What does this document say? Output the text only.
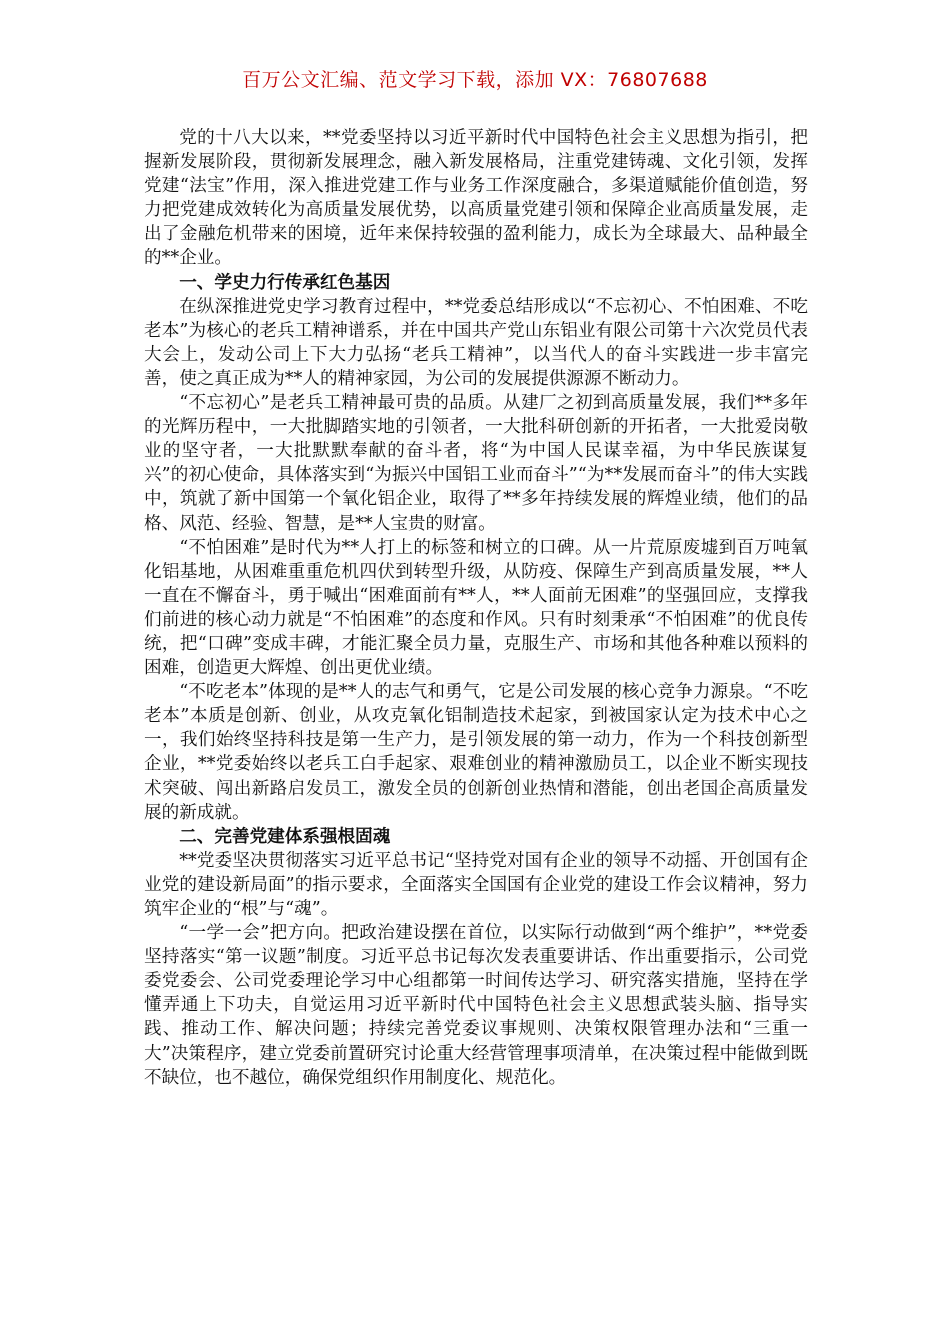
百万公文汇编、范文学习下载，添加 VX：76807688

党的十八大以来，**党委坚持以习近平新时代中国特色社会主义思想为指引，把握新发展阶段，贯彻新发展理念，融入新发展格局，注重党建铸魂、文化引领，发挥党建“法宝”作用，深入推进党建工作与业务工作深度融合，多渠道赋能价值创造，努力把党建成效转化为高质量发展优势，以高质量党建引领和保障企业高质量发展，走出了金融危机带来的困境，近年来保持较强的盈利能力，成长为全球最大、品种最全的**企业。

一、学史力行传承红色基因

在纵深推进党史学习教育过程中，**党委总结形成以“不忘初心、不怕困难、不吃老本”为核心的老兵工精神谱系，并在中国共产党山东铝业有限公司第十六次党员代表大会上，发动公司上下大力弘扬“老兵工精神”，以当代人的奋斗实践进一步丰富完善，使之真正成为**人的精神家园，为公司的发展提供源源不断动力。

“不忘初心”是老兵工精神最可贵的品质。从建厂之初到高质量发展，我们**多年的光辉历程中，一大批脚踏实地的引领者，一大批科研创新的开拓者，一大批爱岗敬业的坚守者，一大批默默奉献的奋斗者，将“为中国人民谋幸福，为中华民族谋复兴”的初心使命，具体落实到“为振兴中国铝工业而奋斗”“为**发展而奋斗”的伟大实践中，筑就了新中国第一个氧化铝企业，取得了**多年持续发展的辉煌业绩，他们的品格、风范、经验、智慧，是**人宝贵的财富。

“不怕困难”是时代为**人打上的标签和树立的口碑。从一片荒原废墟到百万吨氧化铝基地，从困难重重危机四伏到转型升级，从防疫、保障生产到高质量发展，**人一直在不懈奋斗，勇于喊出“困难面前有**人，**人面前无困难”的坚强回应，支撑我们前进的核心动力就是“不怕困难”的态度和作风。只有时刻秉承“不怕困难”的优良传统，把“口碑”变成丰碑，才能汇聚全员力量，克服生产、市场和其他各种难以预料的困难，创造更大辉煌、创出更优业绩。

“不吃老本”体现的是**人的志气和勇气，它是公司发展的核心竞争力源泉。“不吃老本”本质是创新、创业，从攻克氧化铝制造技术起家，到被国家认定为技术中心之一，我们始终坚持科技是第一生产力，是引领发展的第一动力，作为一个科技创新型企业，**党委始终以老兵工白手起家、艰难创业的精神激励员工，以企业不断实现技术突破、闯出新路启发员工，激发全员的创新创业热情和潜能，创出老国企高质量发展的新成就。

二、完善党建体系强根固魂

**党委坚决贯彻落实习近平总书记“坚持党对国有企业的领导不动摇、开创国有企业党的建设新局面”的指示要求，全面落实全国国有企业党的建设工作会议精神，努力筑牢企业的“根”与“魂”。

“一学一会”把方向。把政治建设摆在首位，以实际行动做到“两个维护”，**党委坚持落实“第一议题”制度。习近平总书记每次发表重要讲话、作出重要指示，公司党委党委会、公司党委理论学习中心组都第一时间传达学习、研究落实措施，坚持在学懂弄通上下功夫，自觉运用习近平新时代中国特色社会主义思想武装头脑、指导实践、推动工作、解决问题；持续完善党委议事规则、决策权限管理办法和“三重一大”决策程序，建立党委前置研究讨论重大经营管理事项清单，在决策过程中能做到既不缺位，也不越位，确保党组织作用制度化、规范化。
